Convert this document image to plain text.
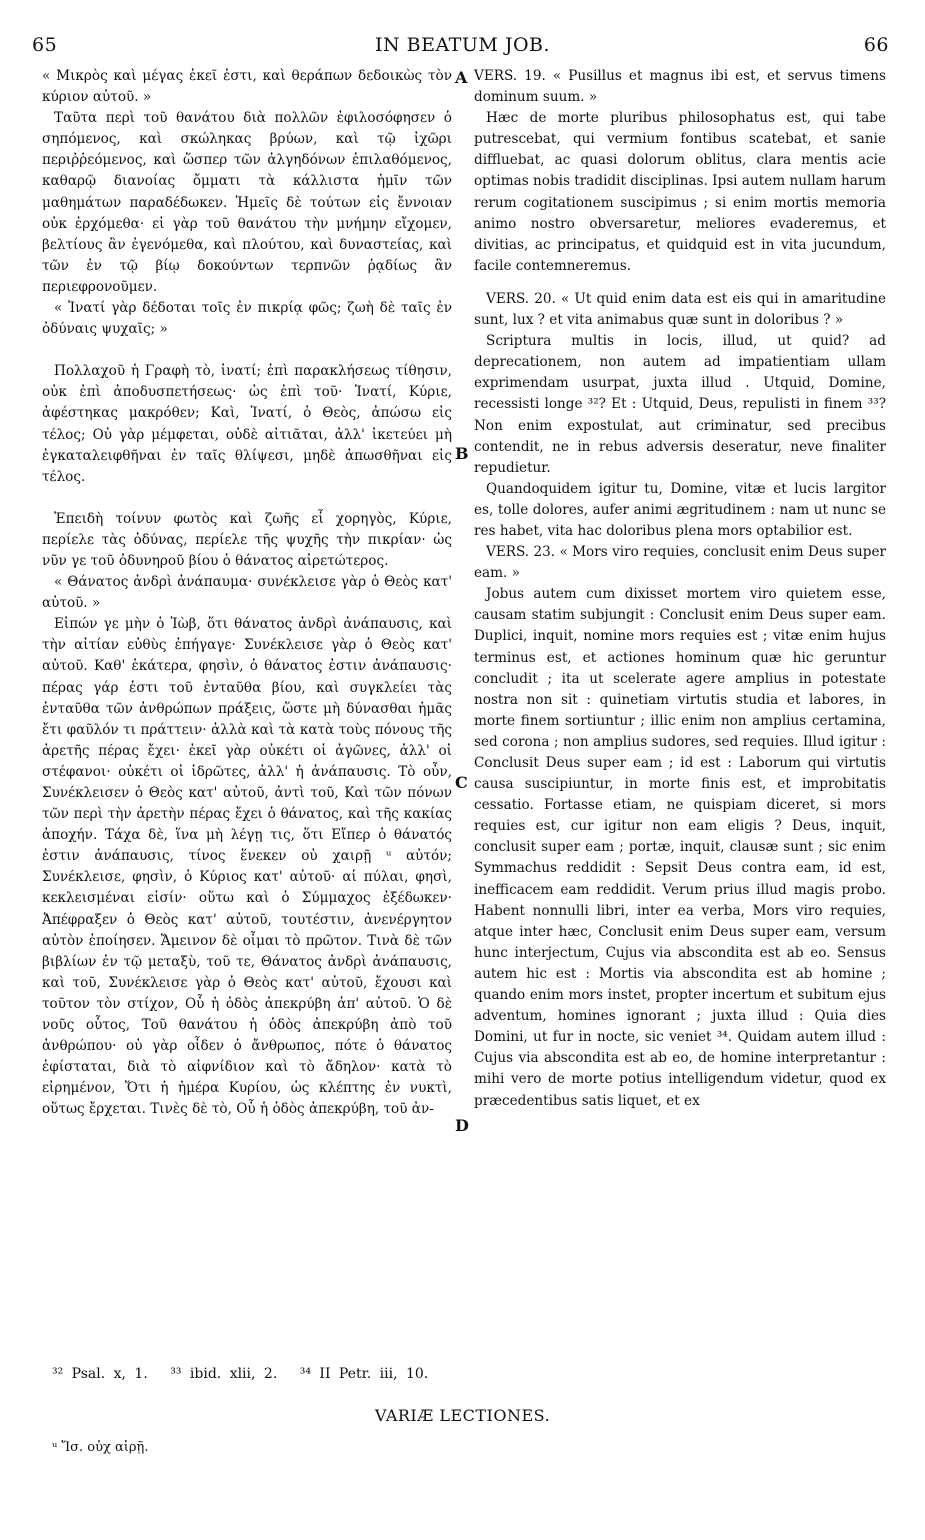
65	IN BEATUM JOB.	66

« Μικρὸς καὶ μέγας ἐκεῖ ἐστι, καὶ θεράπων δεδοικὼς τὸν κύριον αὐτοῦ. »

Ταῦτα περὶ τοῦ θανάτου διὰ πολλῶν ἐφιλοσόφησεν ὁ σηπόμενος, καὶ σκώληκας βρύων, καὶ τῷ ἰχῶρι περιῤῥεόμενος, καὶ ὥσπερ τῶν ἀλγηδόνων ἐπιλαθόμενος, καθαρῷ διανοίας ὄμματι τὰ κάλλιστα ἡμῖν τῶν μαθημάτων παραδέδωκεν. Ἡμεῖς δὲ τούτων εἰς ἔννοιαν οὐκ ἐρχόμεθα· εἰ γὰρ τοῦ θανάτου τὴν μνήμην εἴχομεν, βελτίους ἂν ἐγενόμεθα, καὶ πλούτου, καὶ δυναστείας, καὶ τῶν ἐν τῷ βίῳ δοκούντων τερπνῶν ῥᾳδίως ἂν περιεφρονοῦμεν.

« Ἱνατί γὰρ δέδοται τοῖς ἐν πικρίᾳ φῶς; ζωὴ δὲ ταῖς ἐν ὀδύναις ψυχαῖς; »

Πολλαχοῦ ἡ Γραφὴ τὸ, ἱνατί; ἐπὶ παρακλήσεως τίθησιν, οὐκ ἐπὶ ἀποδυσπετήσεως· ὡς ἐπὶ τοῦ· Ἱνατί, Κύριε, ἀφέστηκας μακρόθεν; Καὶ, Ἱνατί, ὁ Θεὸς, ἀπώσω εἰς τέλος; Οὐ γὰρ μέμφεται, οὐδὲ αἰτιᾶται, ἀλλ' ἱκετεύει μὴ ἐγκαταλειφθῆναι ἐν ταῖς θλίψεσι, μηδὲ ἀπωσθῆναι εἰς τέλος.

Ἐπειδὴ τοίνυν φωτὸς καὶ ζωῆς εἶ χορηγὸς, Κύριε, περίελε τὰς ὀδύνας, περίελε τῆς ψυχῆς τὴν πικρίαν· ὡς νῦν γε τοῦ ὀδυνηροῦ βίου ὁ θάνατος αἱρετώτερος.

« Θάνατος ἀνδρὶ ἀνάπαυμα· συνέκλεισε γὰρ ὁ Θεὸς κατ' αὐτοῦ. »

Εἰπών γε μὴν ὁ Ἰὼβ, ὅτι θάνατος ἀνδρὶ ἀνάπαυσις, καὶ τὴν αἰτίαν εὐθὺς ἐπήγαγε· Συνέκλεισε γὰρ ὁ Θεὸς κατ' αὐτοῦ. Καθ' ἑκάτερα, φησὶν, ὁ θάνατος ἐστιν ἀνάπαυσις· πέρας γάρ ἐστι τοῦ ἐνταῦθα βίου, καὶ συγκλείει τὰς ἐνταῦθα τῶν ἀνθρώπων πράξεις, ὥστε μὴ δύνασθαι ἡμᾶς ἔτι φαῦλόν τι πράττειν· ἀλλὰ καὶ τὰ κατὰ τοὺς πόνους τῆς ἀρετῆς πέρας ἔχει· ἐκεῖ γὰρ οὐκέτι οἱ ἀγῶνες, ἀλλ' οἱ στέφανοι· οὐκέτι οἱ ἱδρῶτες, ἀλλ' ἡ ἀνάπαυσις. Τὸ οὖν, Συνέκλεισεν ὁ Θεὸς κατ' αὐτοῦ, ἀντὶ τοῦ, Καὶ τῶν πόνων τῶν περὶ τὴν ἀρετὴν πέρας ἔχει ὁ θάνατος, καὶ τῆς κακίας ἀποχήν. Τάχα δὲ, ἵνα μὴ λέγῃ τις, ὅτι Εἴπερ ὁ θάνατός ἐστιν ἀνάπαυσις, τίνος ἕνεκεν οὐ χαιρῇ ᵘ αὐτόν; Συνέκλεισε, φησὶν, ὁ Κύριος κατ' αὐτοῦ· αἱ πύλαι, φησὶ, κεκλεισμέναι εἰσίν· οὕτω καὶ ὁ Σύμμαχος ἐξέδωκεν· Ἀπέφραξεν ὁ Θεὸς κατ' αὐτοῦ, τουτέστιν, ἀνενέργητον αὐτὸν ἐποίησεν. Ἄμεινον δὲ οἶμαι τὸ πρῶτον. Τινὰ δὲ τῶν βιβλίων ἐν τῷ μεταξὺ, τοῦ τε, Θάνατος ἀνδρὶ ἀνάπαυσις, καὶ τοῦ, Συνέκλεισε γὰρ ὁ Θεὸς κατ' αὐτοῦ, ἔχουσι καὶ τοῦτον τὸν στίχον, Οὗ ἡ ὁδὸς ἀπεκρύβη ἀπ' αὐτοῦ. Ὁ δὲ νοῦς οὗτος, Τοῦ θανάτου ἡ ὁδὸς ἀπεκρύβη ἀπὸ τοῦ ἀνθρώπου· οὐ γὰρ οἶδεν ὁ ἄνθρωπος, πότε ὁ θάνατος ἐφίσταται, διὰ τὸ αἰφνίδιον καὶ τὸ ἄδηλον· κατὰ τὸ εἰρημένον, Ὅτι ἡ ἡμέρα Κυρίου, ὡς κλέπτης ἐν νυκτὶ, οὕτως ἔρχεται. Τινὲς δὲ τὸ, Οὗ ἡ ὁδὸς ἀπεκρύβη, τοῦ ἀν-

VERS. 19. « Pusillus et magnus ibi est, et servus timens dominum suum. »

Hæc de morte pluribus philosophatus est, qui tabe putrescebat, qui vermium fontibus scatebat, et sanie diffluebat, ac quasi dolorum oblitus, clara mentis acie optimas nobis tradidit disciplinas. Ipsi autem nullam harum rerum cogitationem suscipimus ; si enim mortis memoria animo nostro obversaretur, meliores evaderemus, et divitias, ac principatus, et quidquid est in vita jucundum, facile contemneremus.

VERS. 20. « Ut quid enim data est eis qui in amaritudine sunt, lux ? et vita animabus quæ sunt in doloribus ? »

Scriptura multis in locis, illud, ut quid? ad deprecationem, non autem ad impatientiam ullam exprimendam usurpat, juxta illud . Utquid, Domine, recessisti longe ³²? Et : Utquid, Deus, repulisti in finem ³³? Non enim expostulat, aut criminatur, sed precibus contendit, ne in rebus adversis deseratur, neve finaliter repudietur.

Quandoquidem igitur tu, Domine, vitæ et lucis largitor es, tolle dolores, aufer animi ægritudinem : nam ut nunc se res habet, vita hac doloribus plena mors optabilior est.

VERS. 23. « Mors viro requies, conclusit enim Deus super eam. »

Jobus autem cum dixisset mortem viro quietem esse, causam statim subjungit : Conclusit enim Deus super eam. Duplici, inquit, nomine mors requies est ; vitæ enim hujus terminus est, et actiones hominum quæ hic geruntur concludit ; ita ut scelerate agere amplius in potestate nostra non sit : quinetiam virtutis studia et labores, in morte finem sortiuntur ; illic enim non amplius certamina, sed corona ; non amplius sudores, sed requies. Illud igitur : Conclusit Deus super eam ; id est : Laborum qui virtutis causa suscipiuntur, in morte finis est, et improbitatis cessatio. Fortasse etiam, ne quispiam diceret, si mors requies est, cur igitur non eam eligis ? Deus, inquit, conclusit super eam ; portæ, inquit, clausæ sunt ; sic enim Symmachus reddidit : Sepsit Deus contra eam, id est, inefficacem eam reddidit. Verum prius illud magis probo. Habent nonnulli libri, inter ea verba, Mors viro requies, atque inter hæc, Conclusit enim Deus super eam, versum hunc interjectum, Cujus via abscondita est ab eo. Sensus autem hic est : Mortis via abscondita est ab homine ; quando enim mors instet, propter incertum et subitum ejus adventum, homines ignorant ; juxta illud : Quia dies Domini, ut fur in nocte, sic veniet ³⁴. Quidam autem illud : Cujus via abscondita est ab eo, de homine interpretantur : mihi vero de morte potius intelligendum videtur, quod ex præcedentibus satis liquet, et ex

A
B
C
D
³² Psal. x, 1. ³³ ibid. xlii, 2. ³⁴ II Petr. iii, 10.
VARIÆ LECTIONES.
ᵘ Ἴσ. οὐχ αἱρῇ.
